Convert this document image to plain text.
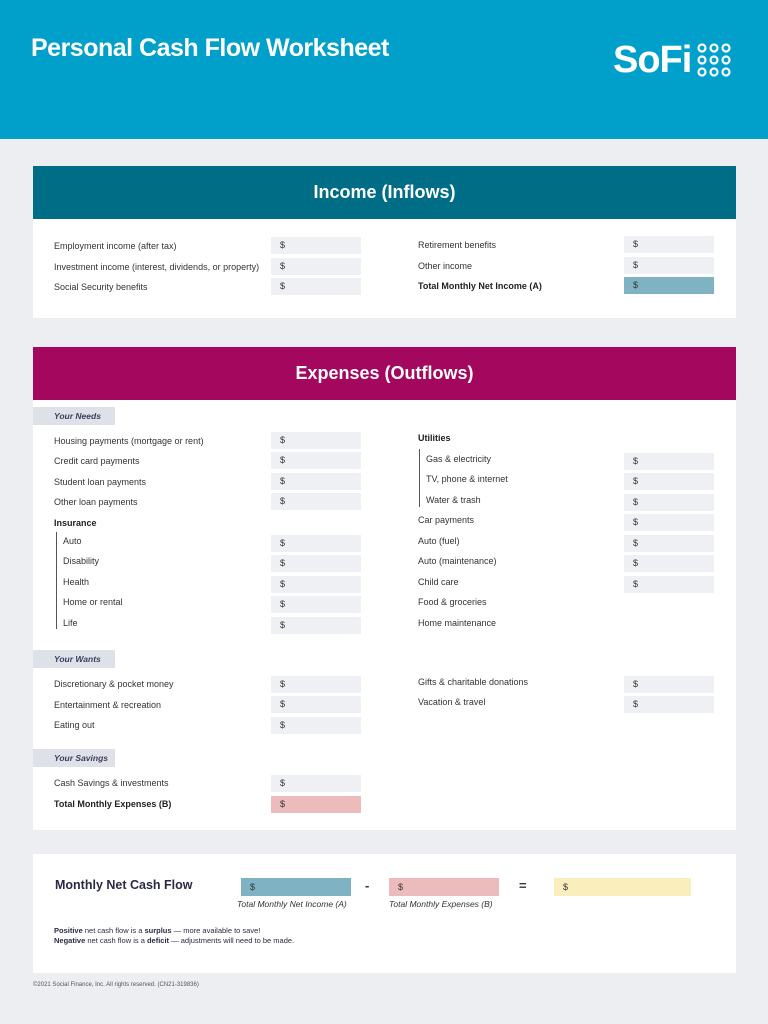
Personal Cash Flow Worksheet	SoFi
Income (Inflows)
Employment income (after tax)	$
Investment income (interest, dividends, or property)	$
Social Security benefits	$
Retirement benefits	$
Other income	$
Total Monthly Net Income (A)	$
Expenses (Outflows)
Your Needs
Housing payments (mortgage or rent)	$
Credit card payments	$
Student loan payments	$
Other loan payments	$
Insurance
Auto	$
Disability	$
Health	$
Home or rental	$
Life	$
Utilities
Gas & electricity	$
TV, phone & internet	$
Water & trash	$
Car payments	$
Auto (fuel)	$
Auto (maintenance)	$
Child care	$
Food & groceries
Home maintenance
Your Wants
Discretionary & pocket money	$
Entertainment & recreation	$
Eating out	$
Gifts & charitable donations	$
Vacation & travel	$
Your Savings
Cash Savings & investments	$
Total Monthly Expenses (B)	$
Monthly Net Cash Flow	$
Total Monthly Net Income (A)
-	$
Total Monthly Expenses (B)
=	$
Positive net cash flow is a surplus — more available to save!
Negative net cash flow is a deficit — adjustments will need to be made.
©2021 Social Finance, Inc. All rights reserved. (CN21-319836)
